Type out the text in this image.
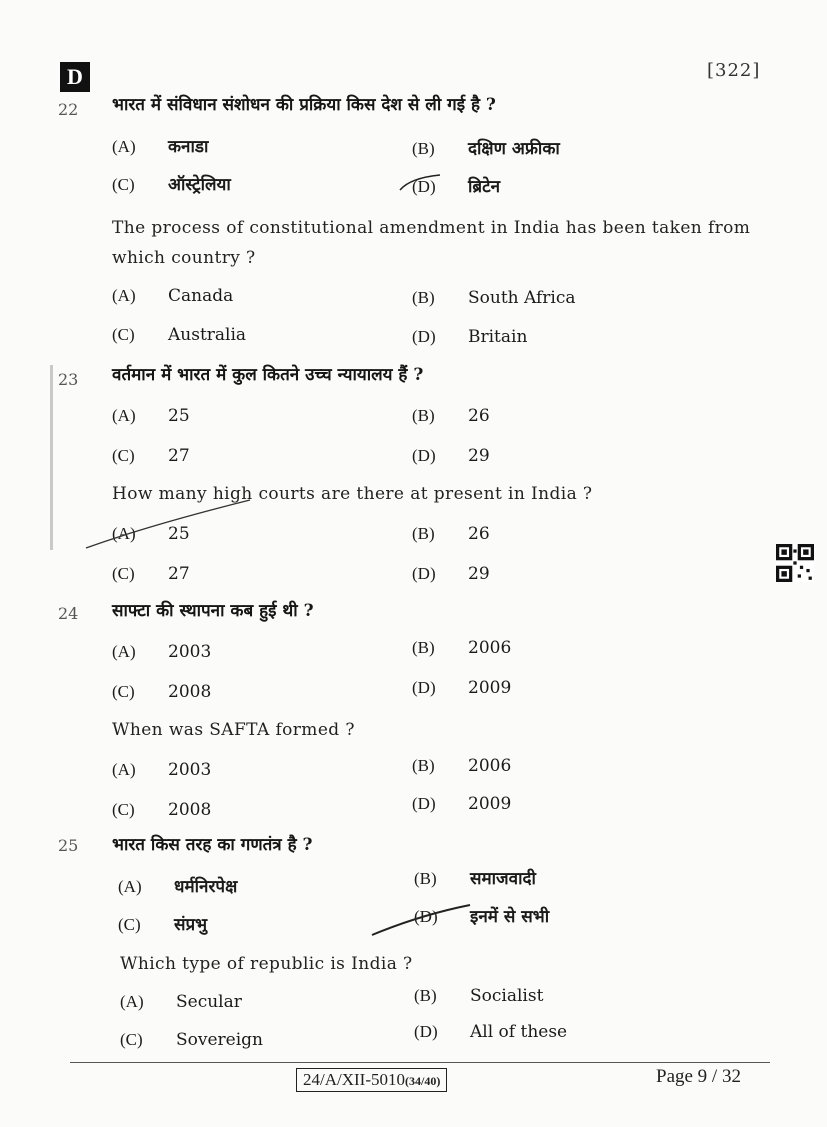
D	[322]
22 भारत में संविधान संशोधन की प्रक्रिया किस देश से ली गई है ?
(A) कनाडा	(B) दक्षिण अफ्रीका
(C) ऑस्ट्रेलिया	(D) ब्रिटेन
The process of constitutional amendment in India has been taken from which country ?
(A) Canada	(B) South Africa
(C) Australia	(D) Britain
23 वर्तमान में भारत में कुल कितने उच्च न्यायालय हैं ?
(A) 25	(B) 26
(C) 27	(D) 29
How many high courts are there at present in India ?
(A) 25	(B) 26
(C) 27	(D) 29
24 साफ्टा की स्थापना कब हुई थी ?
(A) 2003	(B) 2006
(C) 2008	(D) 2009
When was SAFTA formed ?
(A) 2003	(B) 2006
(C) 2008	(D) 2009
25 भारत किस तरह का गणतंत्र है ?
(A) धर्मनिरपेक्ष	(B) समाजवादी
(C) संप्रभु	(D) इनमें से सभी
Which type of republic is India ?
(A) Secular	(B) Socialist
(C) Sovereign	(D) All of these
24/A/XII-5010(34/40)	Page 9 / 32
